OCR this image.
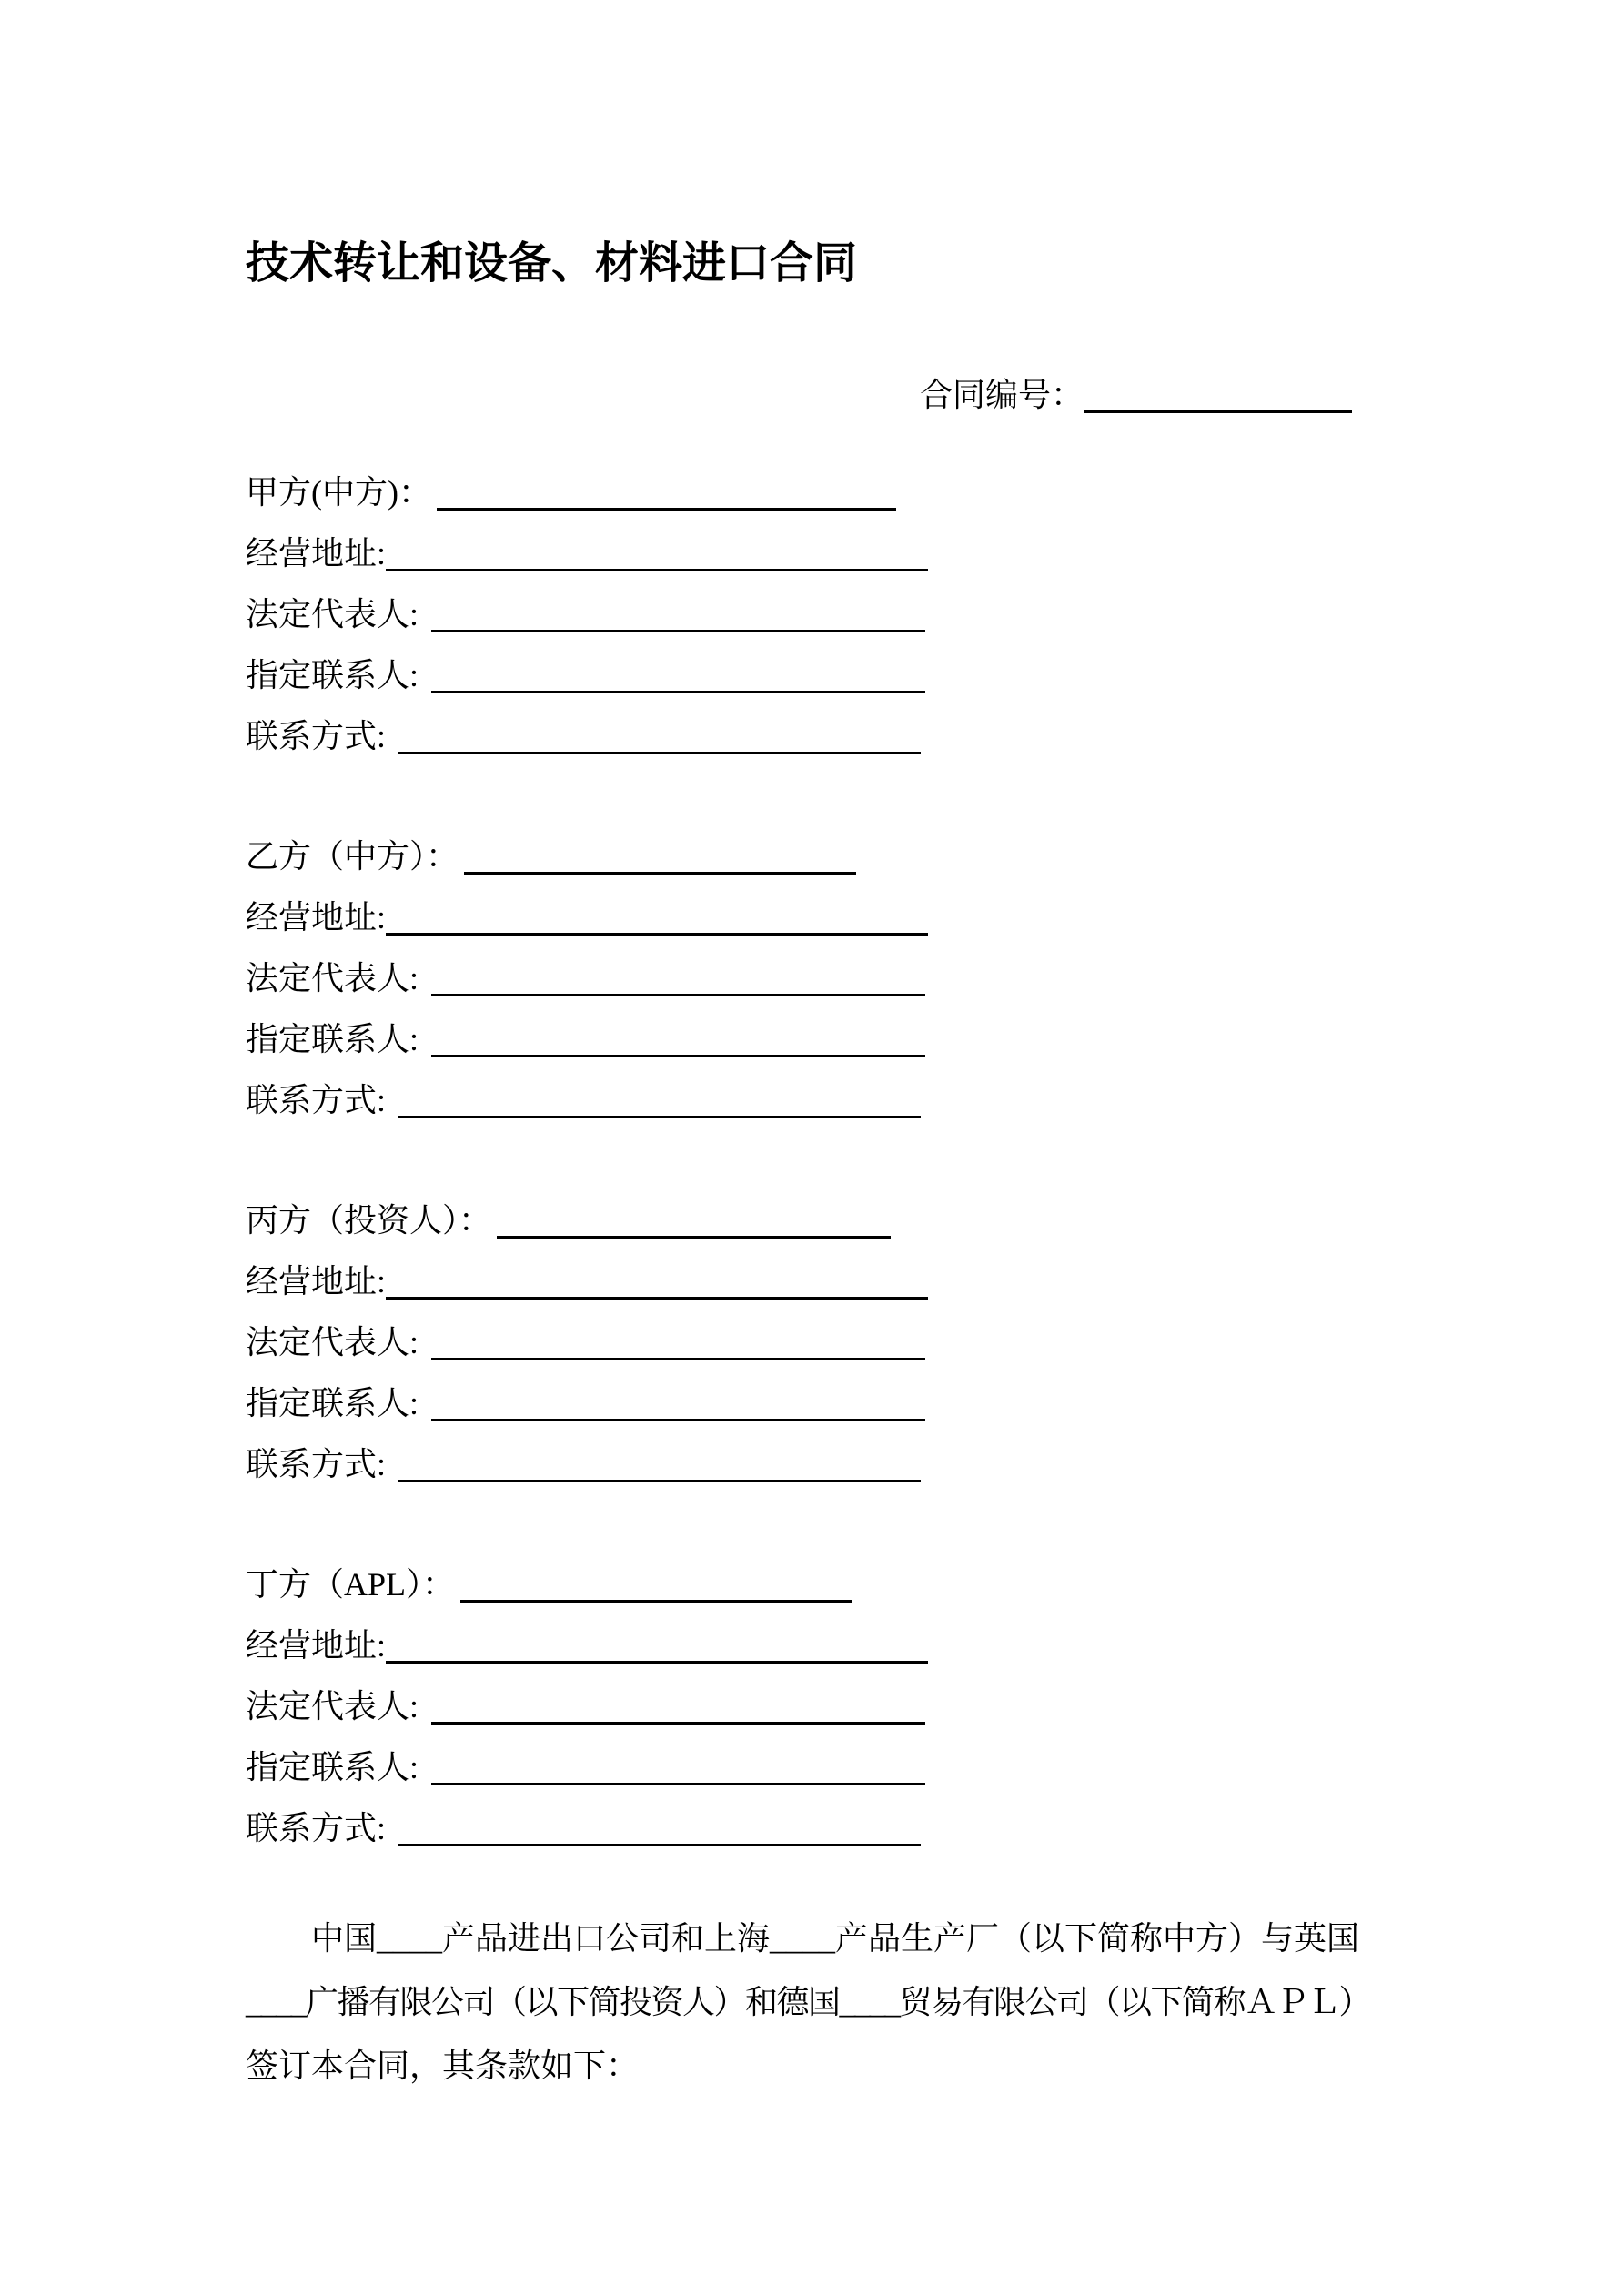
技术转让和设备、材料进口合同
合同编号：
甲方(中方)：
经营地址:
法定代表人:
指定联系人:
联系方式:
乙方（中方）：
经营地址:
法定代表人:
指定联系人:
联系方式:
丙方（投资人）：
经营地址:
法定代表人:
指定联系人:
联系方式:
丁方（APL）：
经营地址:
法定代表人:
指定联系人:
联系方式:
中国____产品进出口公司和上海____产品生产厂（以下简称中方）与英国
____广播有限公司（以下简投资人）和德国____贸易有限公司（以下简称ＡＰＬ）
签订本合同，其条款如下：
